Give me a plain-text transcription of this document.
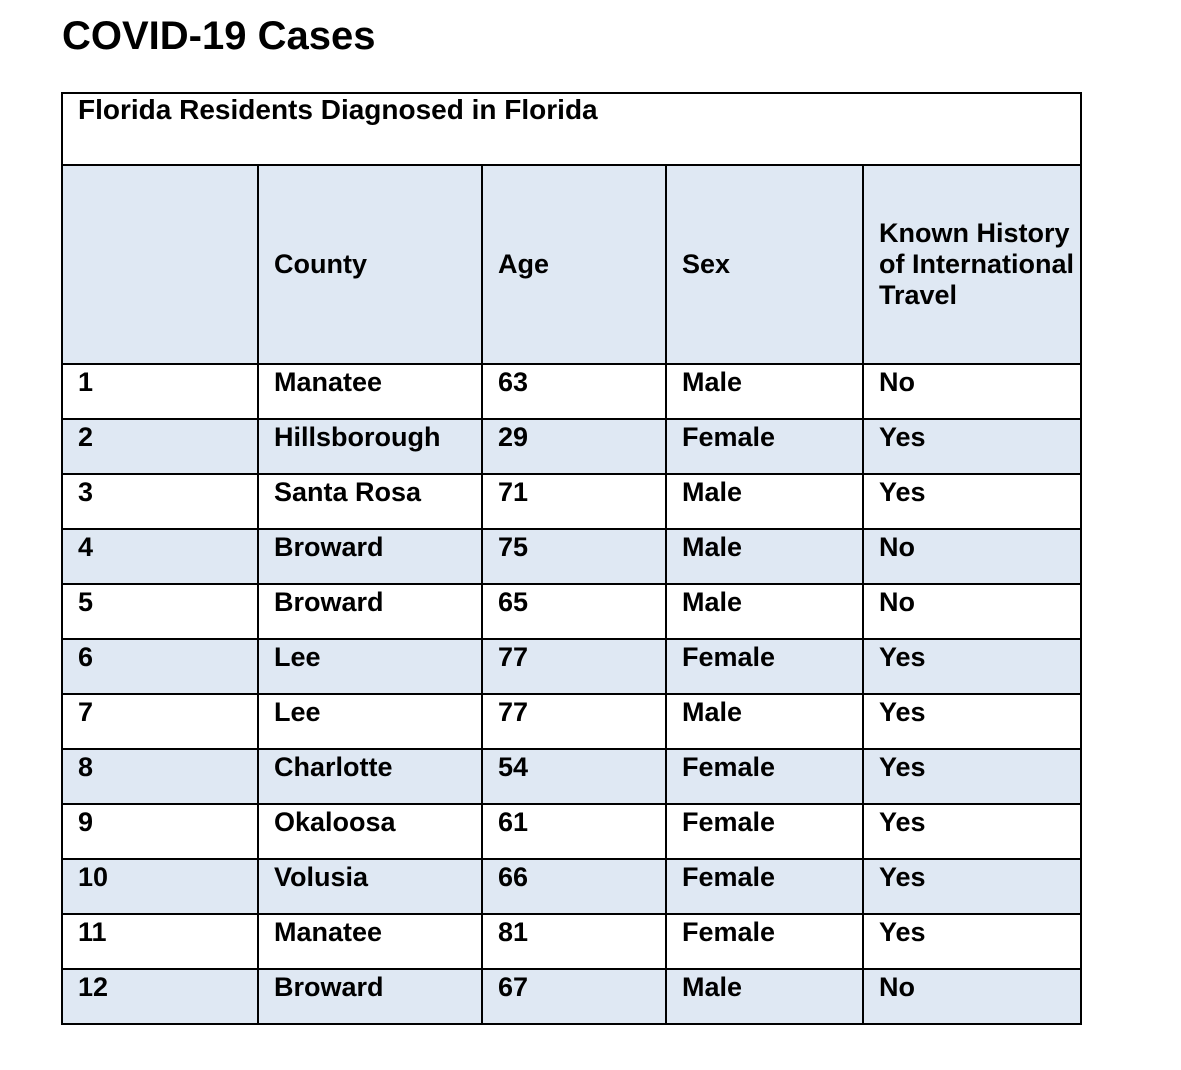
COVID-19 Cases
Florida Residents Diagnosed in Florida				
	County	Age	Sex	Known History of International Travel
1	Manatee	63	Male	No
2	Hillsborough	29	Female	Yes
3	Santa Rosa	71	Male	Yes
4	Broward	75	Male	No
5	Broward	65	Male	No
6	Lee	77	Female	Yes
7	Lee	77	Male	Yes
8	Charlotte	54	Female	Yes
9	Okaloosa	61	Female	Yes
10	Volusia	66	Female	Yes
11	Manatee	81	Female	Yes
12	Broward	67	Male	No
